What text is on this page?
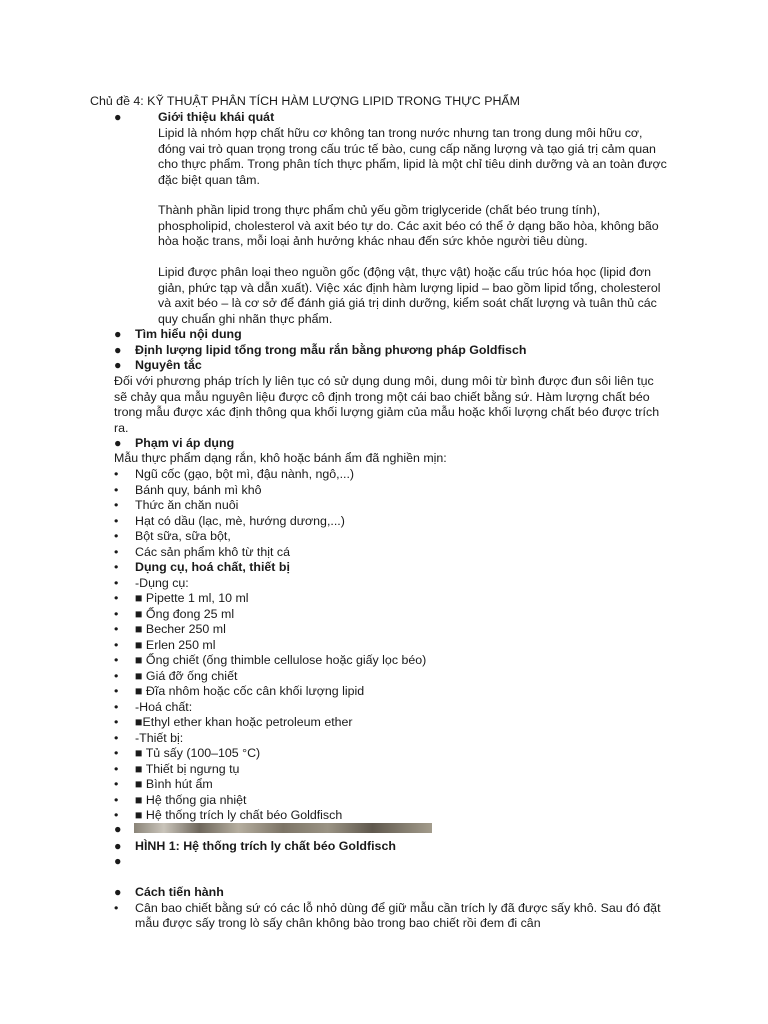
Chủ đề 4: KỸ THUẬT PHÂN TÍCH HÀM LƯỢNG LIPID TRONG THỰC PHẨM
●	Giới thiệu khái quát
Lipid là nhóm hợp chất hữu cơ không tan trong nước nhưng tan trong dung môi hữu cơ,
đóng vai trò quan trọng trong cấu trúc tế bào, cung cấp năng lượng và tạo giá trị cảm quan
cho thực phẩm. Trong phân tích thực phẩm, lipid là một chỉ tiêu dinh dưỡng và an toàn được
đặc biệt quan tâm.
Thành phần lipid trong thực phẩm chủ yếu gồm triglyceride (chất béo trung tính),
phospholipid, cholesterol và axit béo tự do. Các axit béo có thể ở dạng bão hòa, không bão
hòa hoặc trans, mỗi loại ảnh hưởng khác nhau đến sức khỏe người tiêu dùng.
Lipid được phân loại theo nguồn gốc (động vật, thực vật) hoặc cấu trúc hóa học (lipid đơn
giản, phức tạp và dẫn xuất). Việc xác định hàm lượng lipid – bao gồm lipid tổng, cholesterol
và axit béo – là cơ sở để đánh giá giá trị dinh dưỡng, kiểm soát chất lượng và tuân thủ các
quy chuẩn ghi nhãn thực phẩm.
●	Tìm hiểu nội dung
●	Định lượng lipid tổng trong mẫu rắn bằng phương pháp Goldfisch
●	Nguyên tắc
Đối với phương pháp trích ly liên tục có sử dụng dung môi, dung môi từ bình được đun sôi liên tục
sẽ chảy qua mẫu nguyên liệu được cô định trong một cái bao chiết bằng sứ. Hàm lượng chất béo
trong mẫu được xác định thông qua khối lượng giảm của mẫu hoặc khối lượng chất béo được trích
ra.
●	Phạm vi áp dụng
Mẫu thực phẩm dạng rắn, khô hoặc bánh ẩm đã nghiền mịn:
•	Ngũ cốc (gạo, bột mì, đậu nành, ngô,...)
•	Bánh quy, bánh mì khô
•	Thức ăn chăn nuôi
•	Hạt có dầu (lạc, mè, hướng dương,...)
•	Bột sữa, sữa bột,
•	Các sản phẩm khô từ thịt cá
•	Dụng cụ, hoá chất, thiết bị
•	-Dụng cụ:
•	■ Pipette 1 ml, 10 ml
•	■ Ống đong 25 ml
•	■ Becher 250 ml
•	■ Erlen 250 ml
•	■ Ống chiết (ống thimble cellulose hoặc giấy lọc béo)
•	■ Giá đỡ ống chiết
•	■ Đĩa nhôm hoặc cốc cân khối lượng lipid
•	-Hoá chất:
•	■Ethyl ether khan hoặc petroleum ether
•	-Thiết bị:
•	■ Tủ sấy (100–105 °C)
•	■ Thiết bị ngưng tụ
•	■ Bình hút ẩm
•	■ Hệ thống gia nhiệt
•	■ Hệ thống trích ly chất béo Goldfisch
●
●	HÌNH 1: Hệ thống trích ly chất béo Goldfisch
●
●	Cách tiến hành
•	Cân bao chiết bằng sứ có các lỗ nhỏ dùng để giữ mẫu cần trích ly đã được sấy khô. Sau đó đặt
mẫu được sấy trong lò sấy chân không bào trong bao chiết rồi đem đi cân
